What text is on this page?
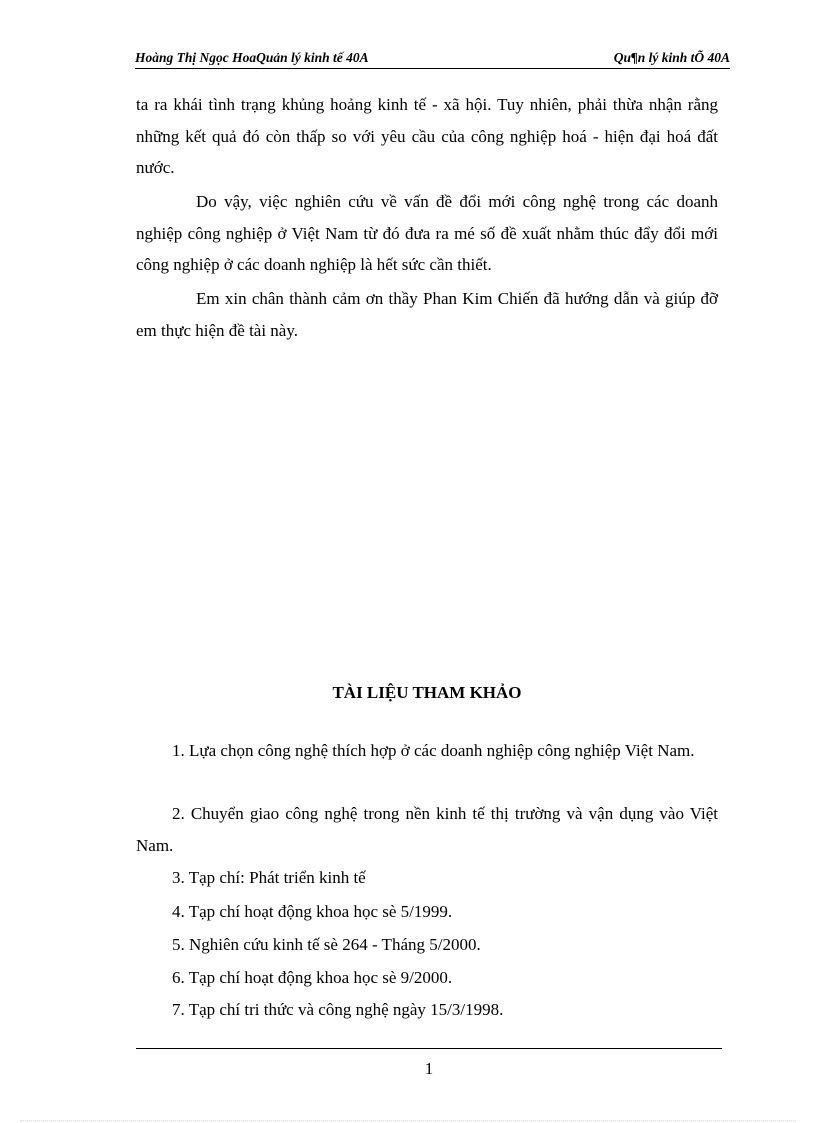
Hoàng Thị Ngọc HoaQuản lý kinh tế 40A	Qu¶n lý kinh tÕ 40A

ta ra khái tình trạng khủng hoảng kinh tế - xã hội. Tuy nhiên, phải thừa nhận rằng những kết quả đó còn thấp so với yêu cầu của công nghiệp hoá - hiện đại hoá đất nước.

Do vậy, việc nghiên cứu về vấn đề đổi mới công nghệ trong các doanh nghiệp công nghiệp ở Việt Nam từ đó đưa ra mé số đề xuất nhằm thúc đẩy đổi mới công nghiệp ở các doanh nghiệp là hết sức cần thiết.

Em xin chân thành cảm ơn thầy Phan Kim Chiến đã hướng dẫn và giúp đỡ em thực hiện đề tài này.

TÀI LIỆU THAM KHẢO

1. Lựa chọn công nghệ thích hợp ở các doanh nghiệp công nghiệp Việt Nam.

2. Chuyển giao công nghệ trong nền kinh tế thị trường và vận dụng vào Việt Nam.

3. Tạp chí: Phát triển kinh tế

4. Tạp chí hoạt động khoa học sè 5/1999.

5. Nghiên cứu kinh tế sè 264 - Tháng 5/2000.

6. Tạp chí hoạt động khoa học sè 9/2000.

7. Tạp chí tri thức và công nghệ ngày 15/3/1998.

1
